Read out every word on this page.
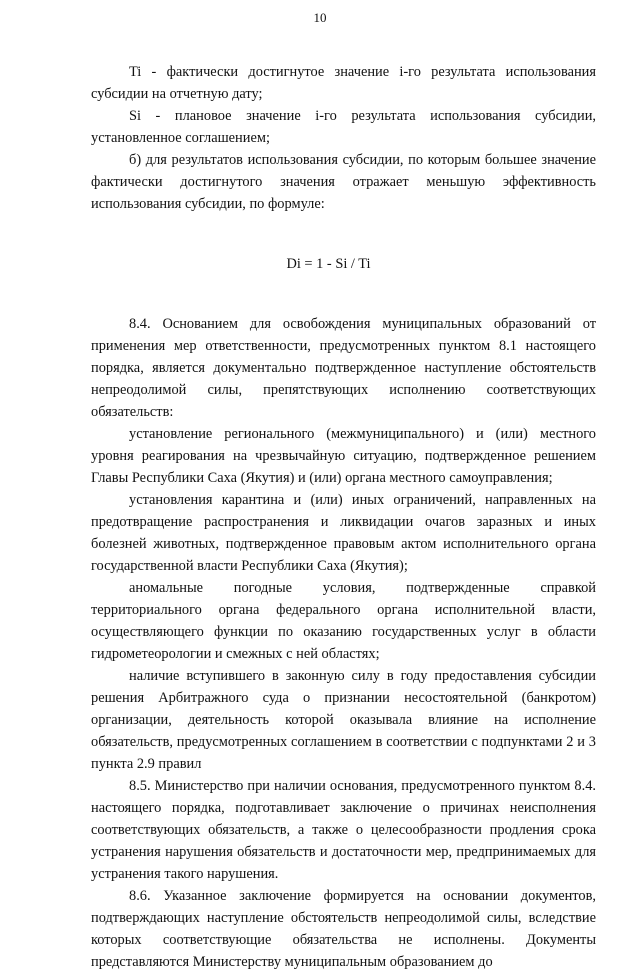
10

Ti - фактически достигнутое значение i-го результата использования субсидии на отчетную дату;

Si - плановое значение i-го результата использования субсидии, установленное соглашением;

б) для результатов использования субсидии, по которым большее значение фактически достигнутого значения отражает меньшую эффективность использования субсидии, по формуле:

Di = 1 - Si / Ti

8.4. Основанием для освобождения муниципальных образований от применения мер ответственности, предусмотренных пунктом 8.1 настоящего порядка, является документально подтвержденное наступление обстоятельств непреодолимой силы, препятствующих исполнению соответствующих обязательств:

установление регионального (межмуниципального) и (или) местного уровня реагирования на чрезвычайную ситуацию, подтвержденное решением Главы Республики Саха (Якутия) и (или) органа местного самоуправления;

установления карантина и (или) иных ограничений, направленных на предотвращение распространения и ликвидации очагов заразных и иных болезней животных, подтвержденное правовым актом исполнительного органа государственной власти Республики Саха (Якутия);

аномальные погодные условия, подтвержденные справкой территориального органа федерального органа исполнительной власти, осуществляющего функции по оказанию государственных услуг в области гидрометеорологии и смежных с ней областях;

наличие вступившего в законную силу в году предоставления субсидии решения Арбитражного суда о признании несостоятельной (банкротом) организации, деятельность которой оказывала влияние на исполнение обязательств, предусмотренных соглашением в соответствии с подпунктами 2 и 3 пункта 2.9 правил

8.5. Министерство при наличии основания, предусмотренного пунктом 8.4. настоящего порядка, подготавливает заключение о причинах неисполнения соответствующих обязательств, а также о целесообразности продления срока устранения нарушения обязательств и достаточности мер, предпринимаемых для устранения такого нарушения.

8.6. Указанное заключение формируется на основании документов, подтверждающих наступление обстоятельств непреодолимой силы, вследствие которых соответствующие обязательства не исполнены. Документы представляются Министерству муниципальным образованием до
